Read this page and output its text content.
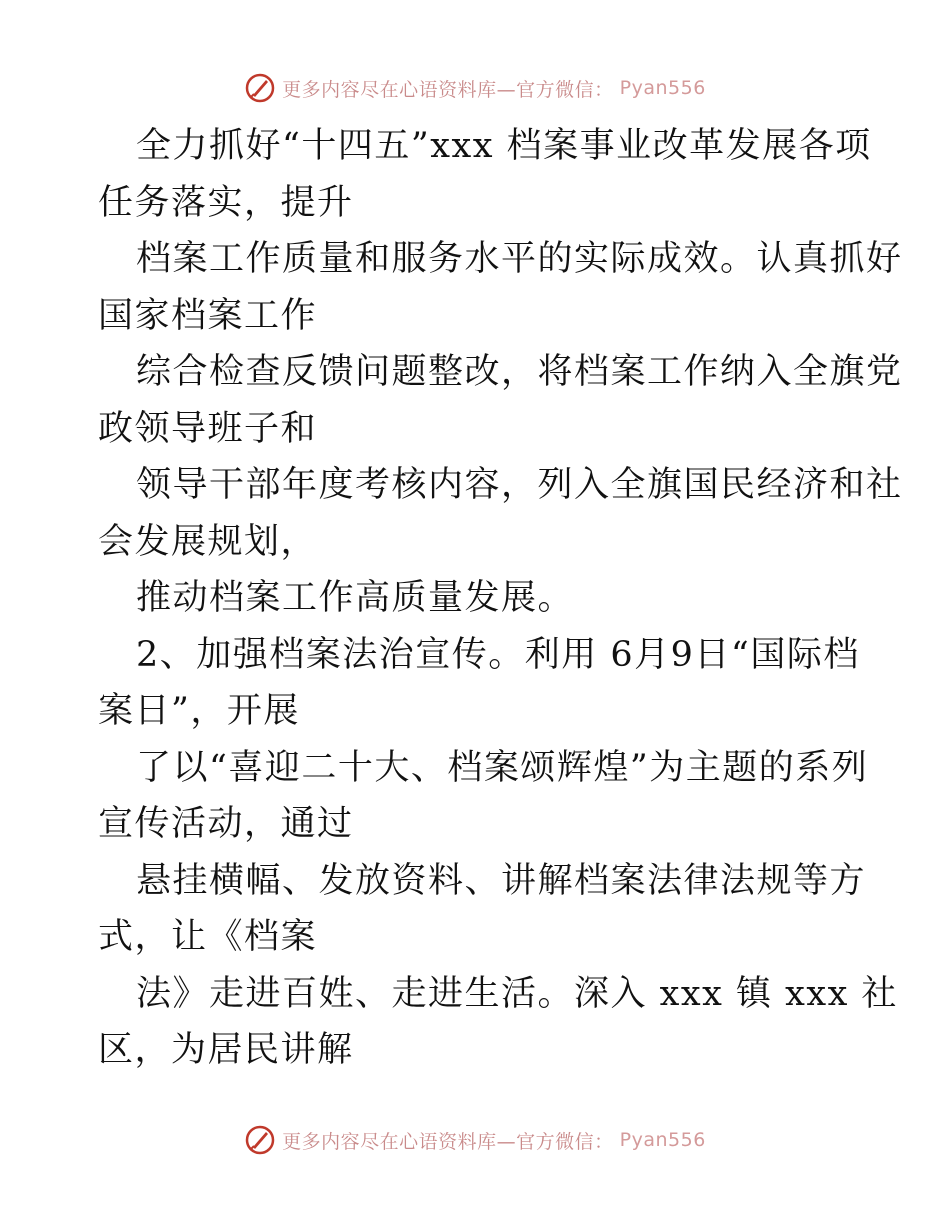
更多内容尽在心语资料库—官方微信： Pyan556
全力抓好“十四五”xxx 档案事业改革发展各项
任务落实，提升
档案工作质量和服务水平的实际成效。认真抓好
国家档案工作
综合检查反馈问题整改，将档案工作纳入全旗党
政领导班子和
领导干部年度考核内容，列入全旗国民经济和社
会发展规划，
推动档案工作高质量发展。
2、加强档案法治宣传。利用 6月9日“国际档
案日”，开展
了以“喜迎二十大、档案颂辉煌”为主题的系列
宣传活动，通过
悬挂横幅、发放资料、讲解档案法律法规等方
式，让《档案
法》走进百姓、走进生活。深入 xxx 镇 xxx 社
区，为居民讲解
更多内容尽在心语资料库—官方微信： Pyan556
